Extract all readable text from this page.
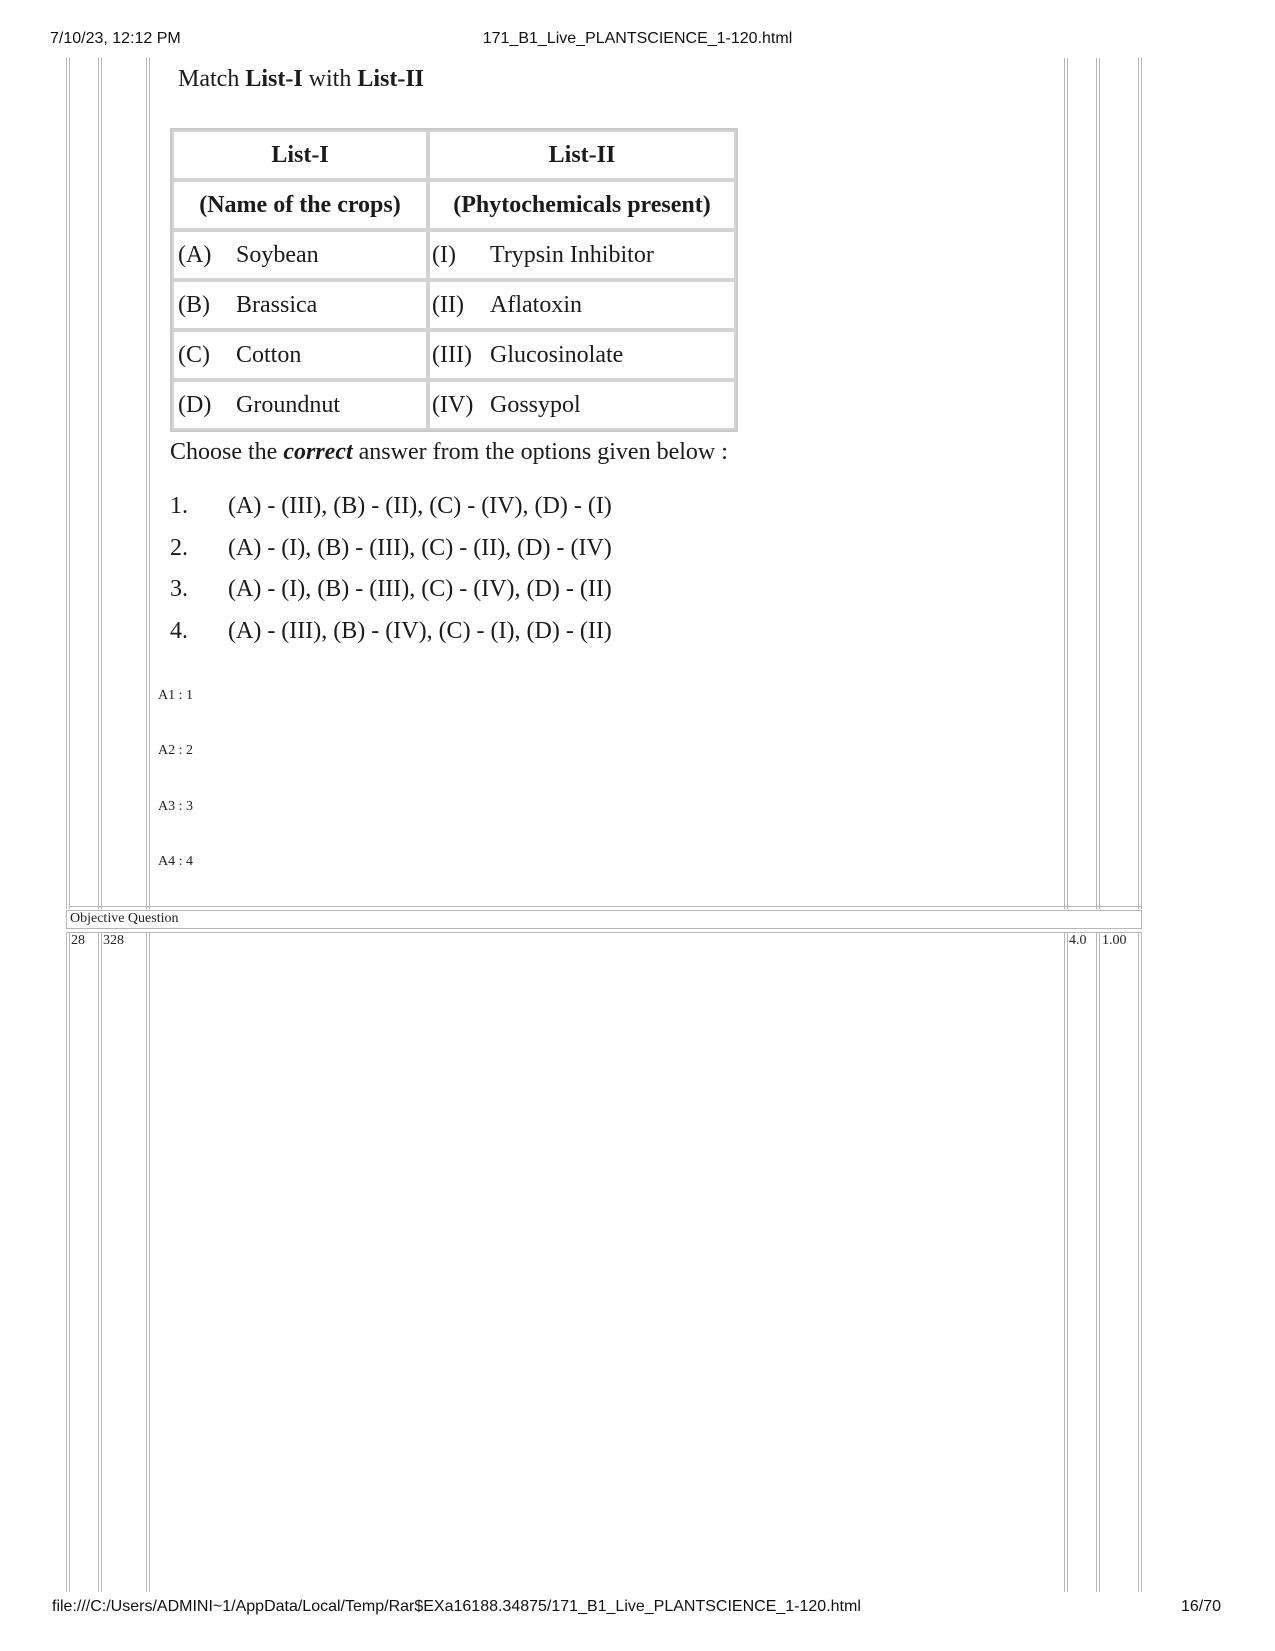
7/10/23, 12:12 PM	171_B1_Live_PLANTSCIENCE_1-120.html
Match List-I with List-II
List-I	List-II
(Name of the crops)	(Phytochemicals present)
(A) Soybean	(I) Trypsin Inhibitor
(B) Brassica	(II) Aflatoxin
(C) Cotton	(III) Glucosinolate
(D) Groundnut	(IV) Gossypol
Choose the correct answer from the options given below :
1. (A) - (III), (B) - (II), (C) - (IV), (D) - (I)
2. (A) - (I), (B) - (III), (C) - (II), (D) - (IV)
3. (A) - (I), (B) - (III), (C) - (IV), (D) - (II)
4. (A) - (III), (B) - (IV), (C) - (I), (D) - (II)
A1 : 1
A2 : 2
A3 : 3
A4 : 4
Objective Question
28 328	4.0 1.00
file:///C:/Users/ADMINI~1/AppData/Local/Temp/Rar$EXa16188.34875/171_B1_Live_PLANTSCIENCE_1-120.html	16/70
